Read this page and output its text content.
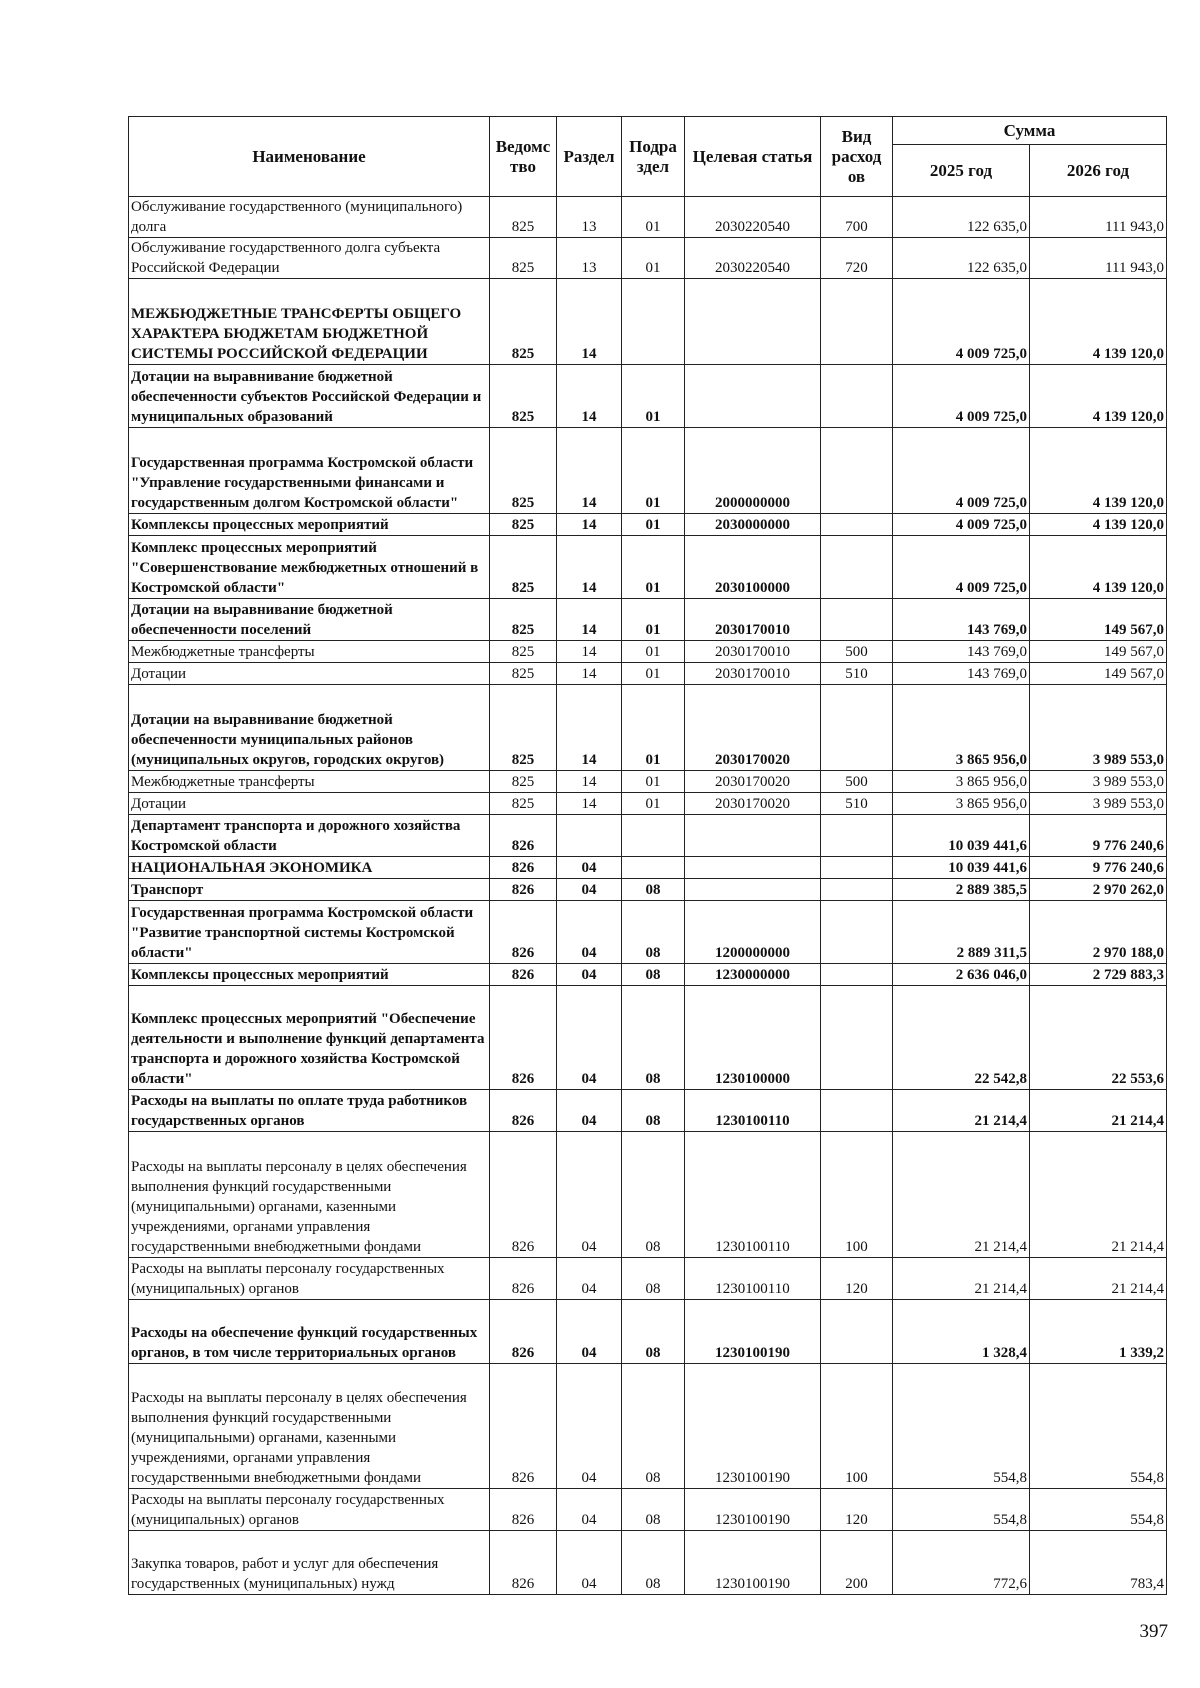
Наименование	Ведомс тво	Раздел	Подра здел	Целевая статья	Вид расход ов	Сумма	
						2025 год	2026 год
Обслуживание государственного (муниципального) долга	825	13	01	2030220540	700	122 635,0	111 943,0
Обслуживание государственного долга субъекта Российской Федерации	825	13	01	2030220540	720	122 635,0	111 943,0
МЕЖБЮДЖЕТНЫЕ ТРАНСФЕРТЫ ОБЩЕГО ХАРАКТЕРА БЮДЖЕТАМ БЮДЖЕТНОЙ СИСТЕМЫ РОССИЙСКОЙ ФЕДЕРАЦИИ	825	14				4 009 725,0	4 139 120,0
Дотации на выравнивание бюджетной обеспеченности субъектов Российской Федерации и муниципальных образований	825	14	01			4 009 725,0	4 139 120,0
Государственная программа Костромской области "Управление государственными финансами и государственным долгом Костромской области"	825	14	01	2000000000		4 009 725,0	4 139 120,0
Комплексы процессных мероприятий	825	14	01	2030000000		4 009 725,0	4 139 120,0
Комплекс процессных мероприятий "Совершенствование межбюджетных отношений в Костромской области"	825	14	01	2030100000		4 009 725,0	4 139 120,0
Дотации на выравнивание бюджетной обеспеченности поселений	825	14	01	2030170010		143 769,0	149 567,0
Межбюджетные трансферты	825	14	01	2030170010	500	143 769,0	149 567,0
Дотации	825	14	01	2030170010	510	143 769,0	149 567,0
Дотации на выравнивание бюджетной обеспеченности муниципальных районов (муниципальных округов, городских округов)	825	14	01	2030170020		3 865 956,0	3 989 553,0
Межбюджетные трансферты	825	14	01	2030170020	500	3 865 956,0	3 989 553,0
Дотации	825	14	01	2030170020	510	3 865 956,0	3 989 553,0
Департамент транспорта и дорожного хозяйства Костромской области	826					10 039 441,6	9 776 240,6
НАЦИОНАЛЬНАЯ ЭКОНОМИКА	826	04				10 039 441,6	9 776 240,6
Транспорт	826	04	08			2 889 385,5	2 970 262,0
Государственная программа Костромской области "Развитие транспортной системы Костромской области"	826	04	08	1200000000		2 889 311,5	2 970 188,0
Комплексы процессных мероприятий	826	04	08	1230000000		2 636 046,0	2 729 883,3
Комплекс процессных мероприятий "Обеспечение деятельности и выполнение функций департамента транспорта и дорожного хозяйства Костромской области"	826	04	08	1230100000		22 542,8	22 553,6
Расходы на выплаты по оплате труда работников государственных органов	826	04	08	1230100110		21 214,4	21 214,4
Расходы на выплаты персоналу в целях обеспечения выполнения функций государственными (муниципальными) органами, казенными учреждениями, органами управления государственными внебюджетными фондами	826	04	08	1230100110	100	21 214,4	21 214,4
Расходы на выплаты персоналу государственных (муниципальных) органов	826	04	08	1230100110	120	21 214,4	21 214,4
Расходы на обеспечение функций государственных органов, в том числе территориальных органов	826	04	08	1230100190		1 328,4	1 339,2
Расходы на выплаты персоналу в целях обеспечения выполнения функций государственными (муниципальными) органами, казенными учреждениями, органами управления государственными внебюджетными фондами	826	04	08	1230100190	100	554,8	554,8
Расходы на выплаты персоналу государственных (муниципальных) органов	826	04	08	1230100190	120	554,8	554,8
Закупка товаров, работ и услуг для обеспечения государственных (муниципальных) нужд	826	04	08	1230100190	200	772,6	783,4
397
